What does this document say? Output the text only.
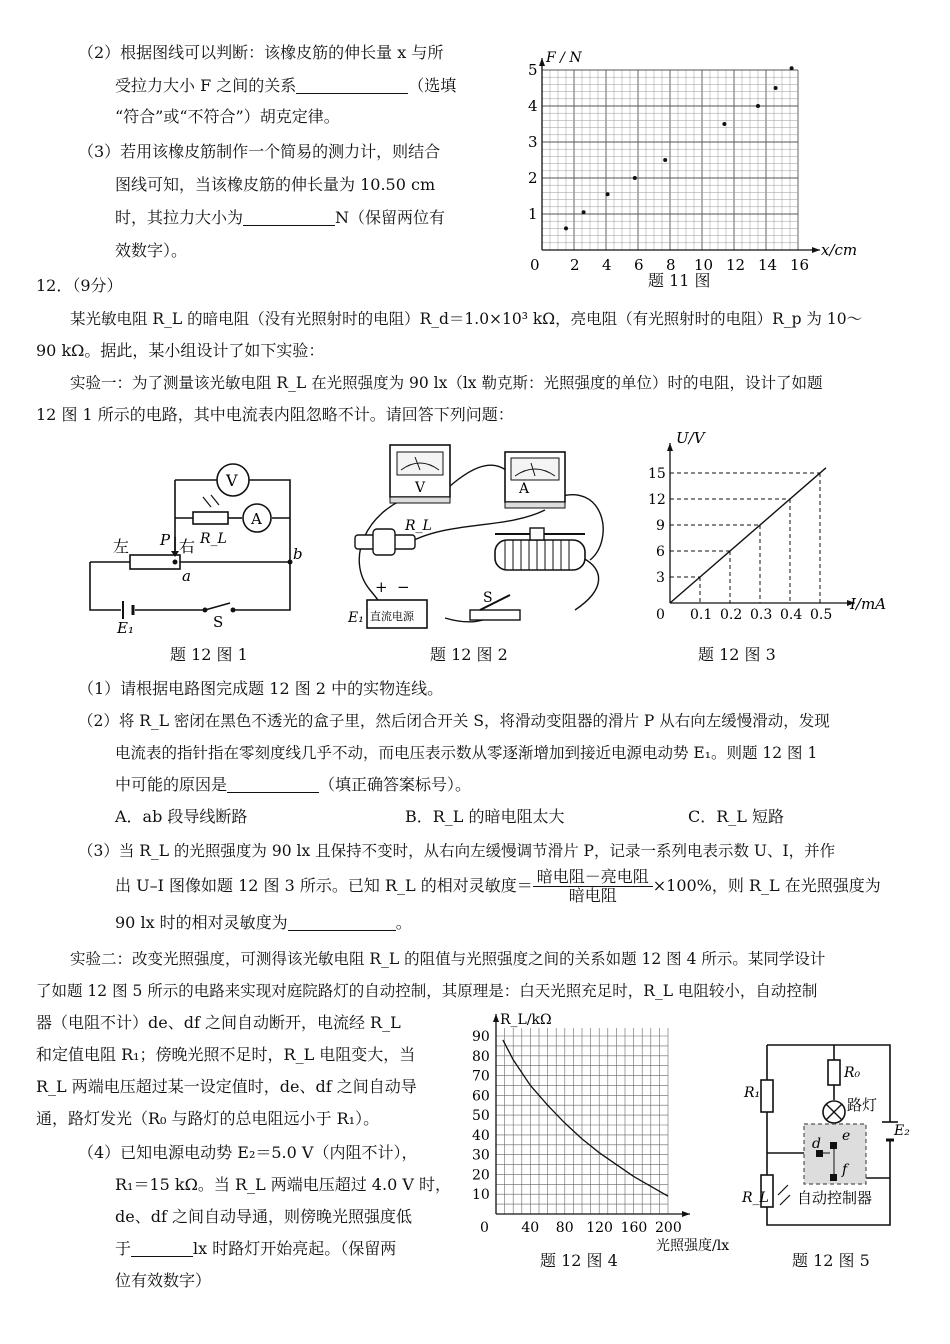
（2）根据图线可以判断：该橡皮筋的伸长量 x 与所
受拉力大小 F 之间的关系	（选填
“符合”或“不符合”）胡克定律。
（3）若用该橡皮筋制作一个简易的测力计，则结合
图线可知，当该橡皮筋的伸长量为 10.50 cm
时，其拉力大小为	N（保留两位有
效数字）。
0 2 4 6 8 10 12 14 16
1
2
3
4
5
F / N
x/cm
题 11 图
12．（9分）
某光敏电阻 R_L 的暗电阻（没有光照射时的电阻）R_d＝1.0×10³ kΩ，亮电阻（有光照射时的电阻）R_p 为 10～
90 kΩ。据此，某小组设计了如下实验：
实验一：为了测量该光敏电阻 R_L 在光照强度为 90 lx（lx 勒克斯：光照强度的单位）时的电阻，设计了如题
12 图 1 所示的电路，其中电流表内阻忽略不计。请回答下列问题：
V
A
R_L
左 P 右
a
b
E₁	S
题 12 图 1
V	A
R_L
+ −
直流电源
E₁
S
题 12 图 2
0 0.1 0.2 0.3 0.4 0.5
3
6
9
12
15
U/V
I/mA
题 12 图 3
（1）请根据电路图完成题 12 图 2 中的实物连线。
（2）将 R_L 密闭在黑色不透光的盒子里，然后闭合开关 S，将滑动变阻器的滑片 P 从右向左缓慢滑动，发现
电流表的指针指在零刻度线几乎不动，而电压表示数从零逐渐增加到接近电源电动势 E₁。则题 12 图 1
中可能的原因是	（填正确答案标号）。
A．ab 段导线断路	B．R_L 的暗电阻太大	C．R_L 短路
（3）当 R_L 的光照强度为 90 lx 且保持不变时，从右向左缓慢调节滑片 P，记录一系列电表示数 U、I，并作
出 U–I 图像如题 12 图 3 所示。已知 R_L 的相对灵敏度＝ $\frac{\text{暗电阻－亮电阻}}{\text{暗电阻}} \times 100\%$，则 R_L 在光照强度为
90 lx 时的相对灵敏度为	。
实验二：改变光照强度，可测得该光敏电阻 R_L 的阻值与光照强度之间的关系如题 12 图 4 所示。某同学设计
了如题 12 图 5 所示的电路来实现对庭院路灯的自动控制，其原理是：白天光照充足时，R_L 电阻较小，自动控制
器（电阻不计）de、df 之间自动断开，电流经 R_L
和定值电阻 R₁；傍晚光照不足时，R_L 电阻变大，当
R_L 两端电压超过某一设定值时，de、df 之间自动导
通，路灯发光（R₀ 与路灯的总电阻远小于 R₁）。
（4）已知电源电动势 E₂＝5.0 V（内阻不计），
R₁＝15 kΩ。当 R_L 两端电压超过 4.0 V 时，
de、df 之间自动导通，则傍晚光照强度低
于	lx 时路灯开始亮起。（保留两
位有效数字）
0 40 80 120 160 200
10
20
30
40
50
60
70
80
90
R_L/kΩ
光照强度/lx
题 12 图 4
R₀
路灯
R₁
E₂
d e
f
R_L 自动控制器
题 12 图 5
